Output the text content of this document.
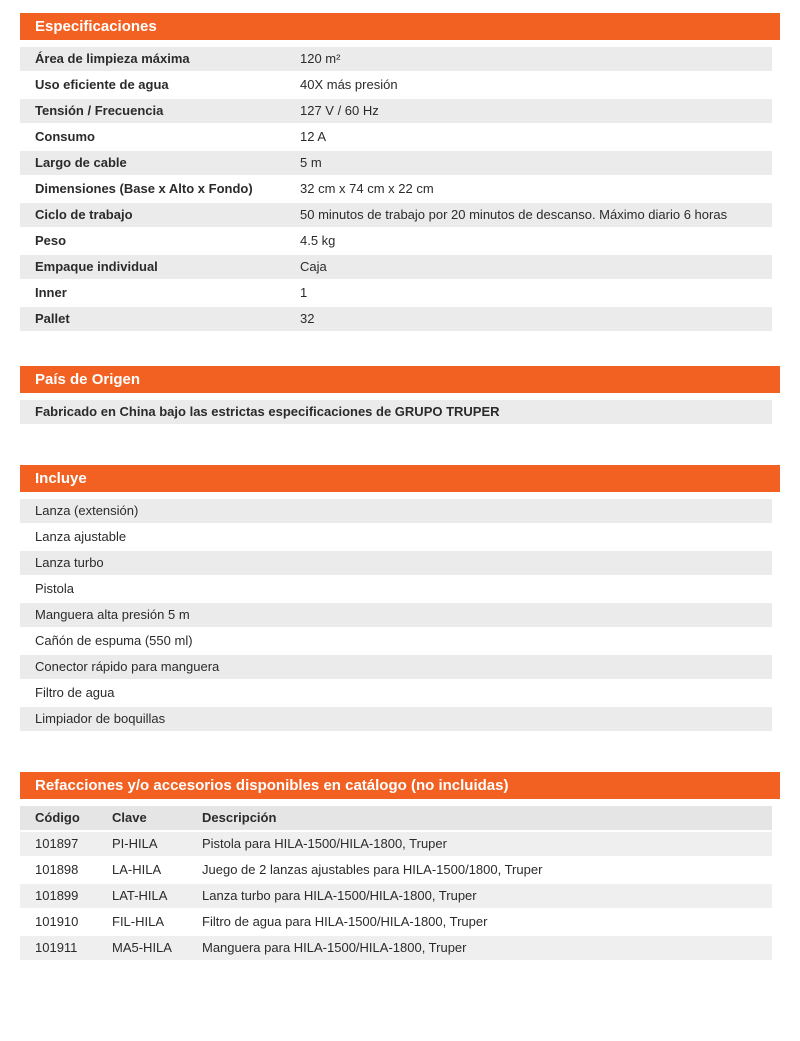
Especificaciones
Área de limpieza máxima	120 m²
Uso eficiente de agua	40X más presión
Tensión / Frecuencia	127 V / 60 Hz
Consumo	12 A
Largo de cable	5 m
Dimensiones (Base x Alto x Fondo)	32 cm x 74 cm x 22 cm
Ciclo de trabajo	50 minutos de trabajo por 20 minutos de descanso. Máximo diario 6 horas
Peso	4.5 kg
Empaque individual	Caja
Inner	1
Pallet	32
País de Origen
Fabricado en China bajo las estrictas especificaciones de GRUPO TRUPER
Incluye
Lanza (extensión)
Lanza ajustable
Lanza turbo
Pistola
Manguera alta presión 5 m
Cañón de espuma (550 ml)
Conector rápido para manguera
Filtro de agua
Limpiador de boquillas
Refacciones y/o accesorios disponibles en catálogo (no incluidas)
Código	Clave	Descripción
101897	PI-HILA	Pistola para HILA-1500/HILA-1800, Truper
101898	LA-HILA	Juego de 2 lanzas ajustables para HILA-1500/1800, Truper
101899	LAT-HILA	Lanza turbo para HILA-1500/HILA-1800, Truper
101910	FIL-HILA	Filtro de agua para HILA-1500/HILA-1800, Truper
101911	MA5-HILA	Manguera para HILA-1500/HILA-1800, Truper
